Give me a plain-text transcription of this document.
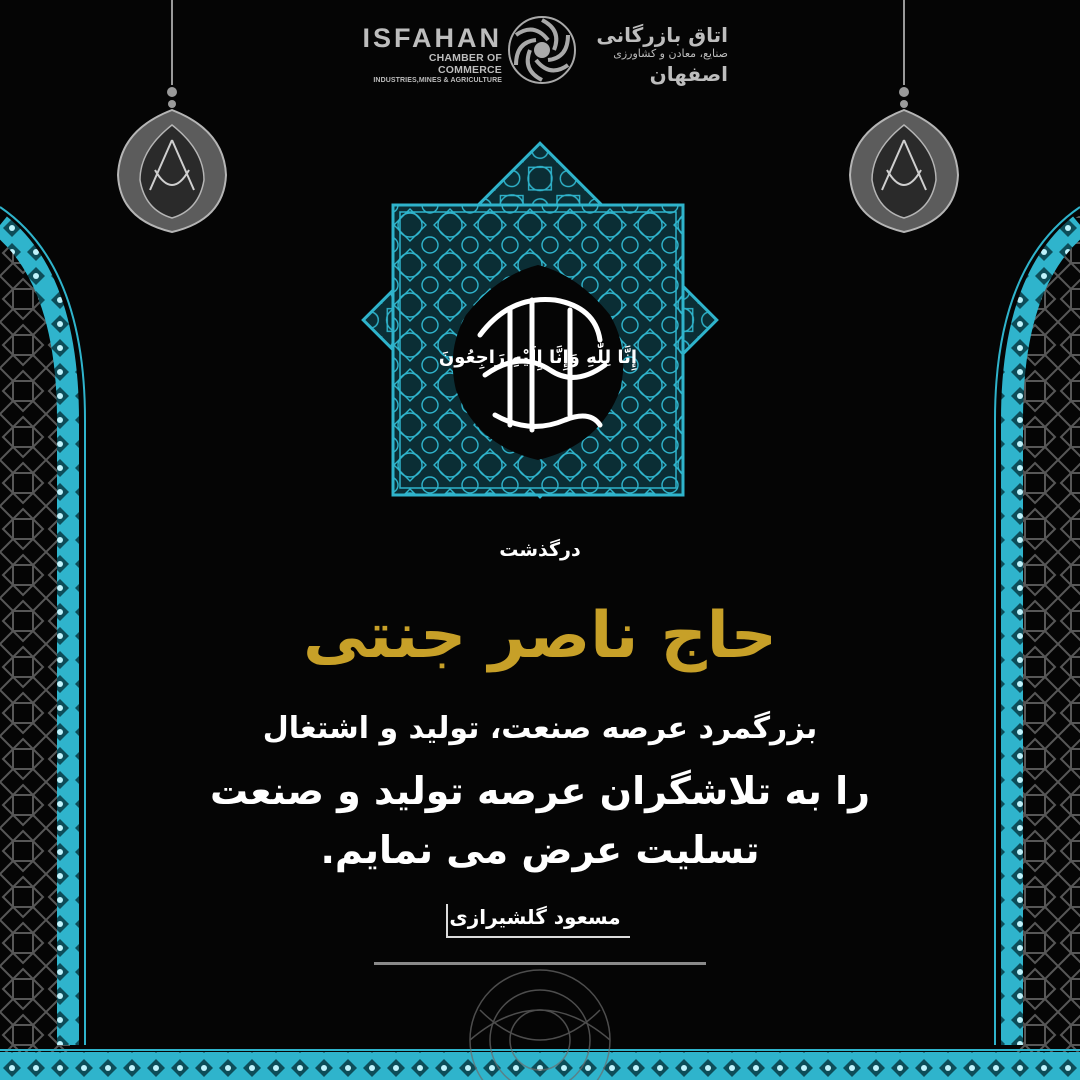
ISFAHAN
CHAMBER OF COMMERCE
INDUSTRIES,MINES & AGRICULTURE
اتاق بازرگانی
صنایع، معادن و کشاورزی
اصفهان
إِنَّا لِلّٰهِ وَإِنَّا إِلَيْهِ رَاجِعُونَ
درگذشت
حاج ناصر جنتی
بزرگمرد عرصه صنعت، تولید و اشتغال
را به تلاشگران عرصه تولید و صنعت
تسلیت عرض می نمایم.
مسعود گلشیرازی
